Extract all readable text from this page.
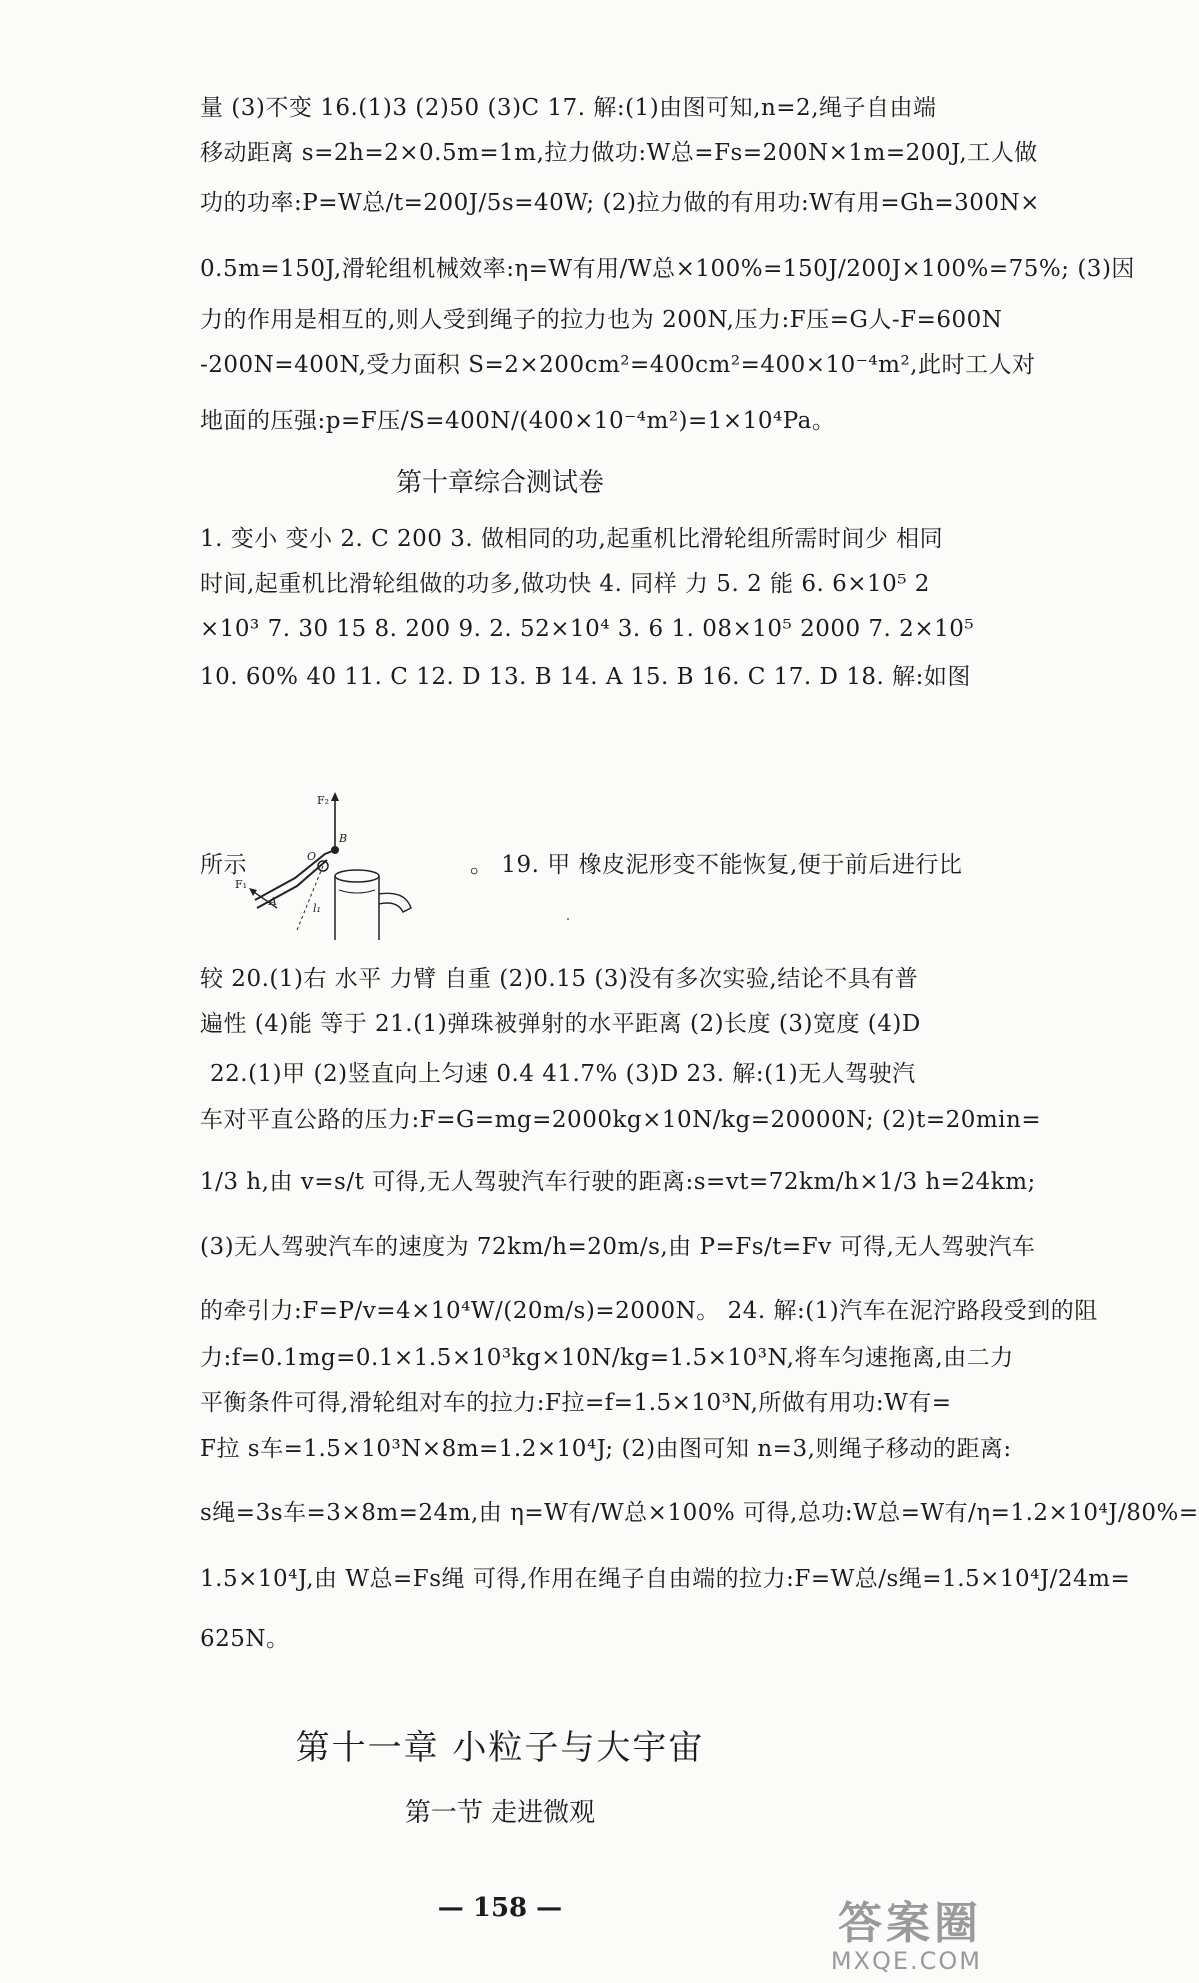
量 (3)不变 16.(1)3 (2)50 (3)C 17. 解:(1)由图可知,n=2,绳子自由端
移动距离 s=2h=2×0.5m=1m,拉力做功:W总=Fs=200N×1m=200J,工人做
功的功率:P=W总/t=200J/5s=40W; (2)拉力做的有用功:W有用=Gh=300N×
0.5m=150J,滑轮组机械效率:η=W有用/W总×100%=150J/200J×100%=75%; (3)因
力的作用是相互的,则人受到绳子的拉力也为 200N,压力:F压=G人-F=600N
-200N=400N,受力面积 S=2×200cm²=400cm²=400×10⁻⁴m²,此时工人对
地面的压强:p=F压/S=400N/(400×10⁻⁴m²)=1×10⁴Pa。
第十章综合测试卷
1. 变小 变小 2. C 200 3. 做相同的功,起重机比滑轮组所需时间少 相同
时间,起重机比滑轮组做的功多,做功快 4. 同样 力 5. 2 能 6. 6×10⁵ 2
×10³ 7. 30 15 8. 200 9. 2. 52×10⁴ 3. 6 1. 08×10⁵ 2000 7. 2×10⁵
10. 60% 40 11. C 12. D 13. B 14. A 15. B 16. C 17. D 18. 解:如图
所示	。 19. 甲 橡皮泥形变不能恢复,便于前后进行比
F₂
B
O
F₁
A
l₁
较 20.(1)右 水平 力臂 自重 (2)0.15 (3)没有多次实验,结论不具有普
遍性 (4)能 等于 21.(1)弹珠被弹射的水平距离 (2)长度 (3)宽度 (4)D
22.(1)甲 (2)竖直向上匀速 0.4 41.7% (3)D 23. 解:(1)无人驾驶汽
车对平直公路的压力:F=G=mg=2000kg×10N/kg=20000N; (2)t=20min=
1/3 h,由 v=s/t 可得,无人驾驶汽车行驶的距离:s=vt=72km/h×1/3 h=24km;
(3)无人驾驶汽车的速度为 72km/h=20m/s,由 P=Fs/t=Fv 可得,无人驾驶汽车
的牵引力:F=P/v=4×10⁴W/(20m/s)=2000N。 24. 解:(1)汽车在泥泞路段受到的阻
力:f=0.1mg=0.1×1.5×10³kg×10N/kg=1.5×10³N,将车匀速拖离,由二力
平衡条件可得,滑轮组对车的拉力:F拉=f=1.5×10³N,所做有用功:W有=
F拉 s车=1.5×10³N×8m=1.2×10⁴J; (2)由图可知 n=3,则绳子移动的距离:
s绳=3s车=3×8m=24m,由 η=W有/W总×100% 可得,总功:W总=W有/η=1.2×10⁴J/80%=
1.5×10⁴J,由 W总=Fs绳 可得,作用在绳子自由端的拉力:F=W总/s绳=1.5×10⁴J/24m=
625N。
第十一章 小粒子与大宇宙
第一节 走进微观
— 158 —	答案圈
MXQE.COM
